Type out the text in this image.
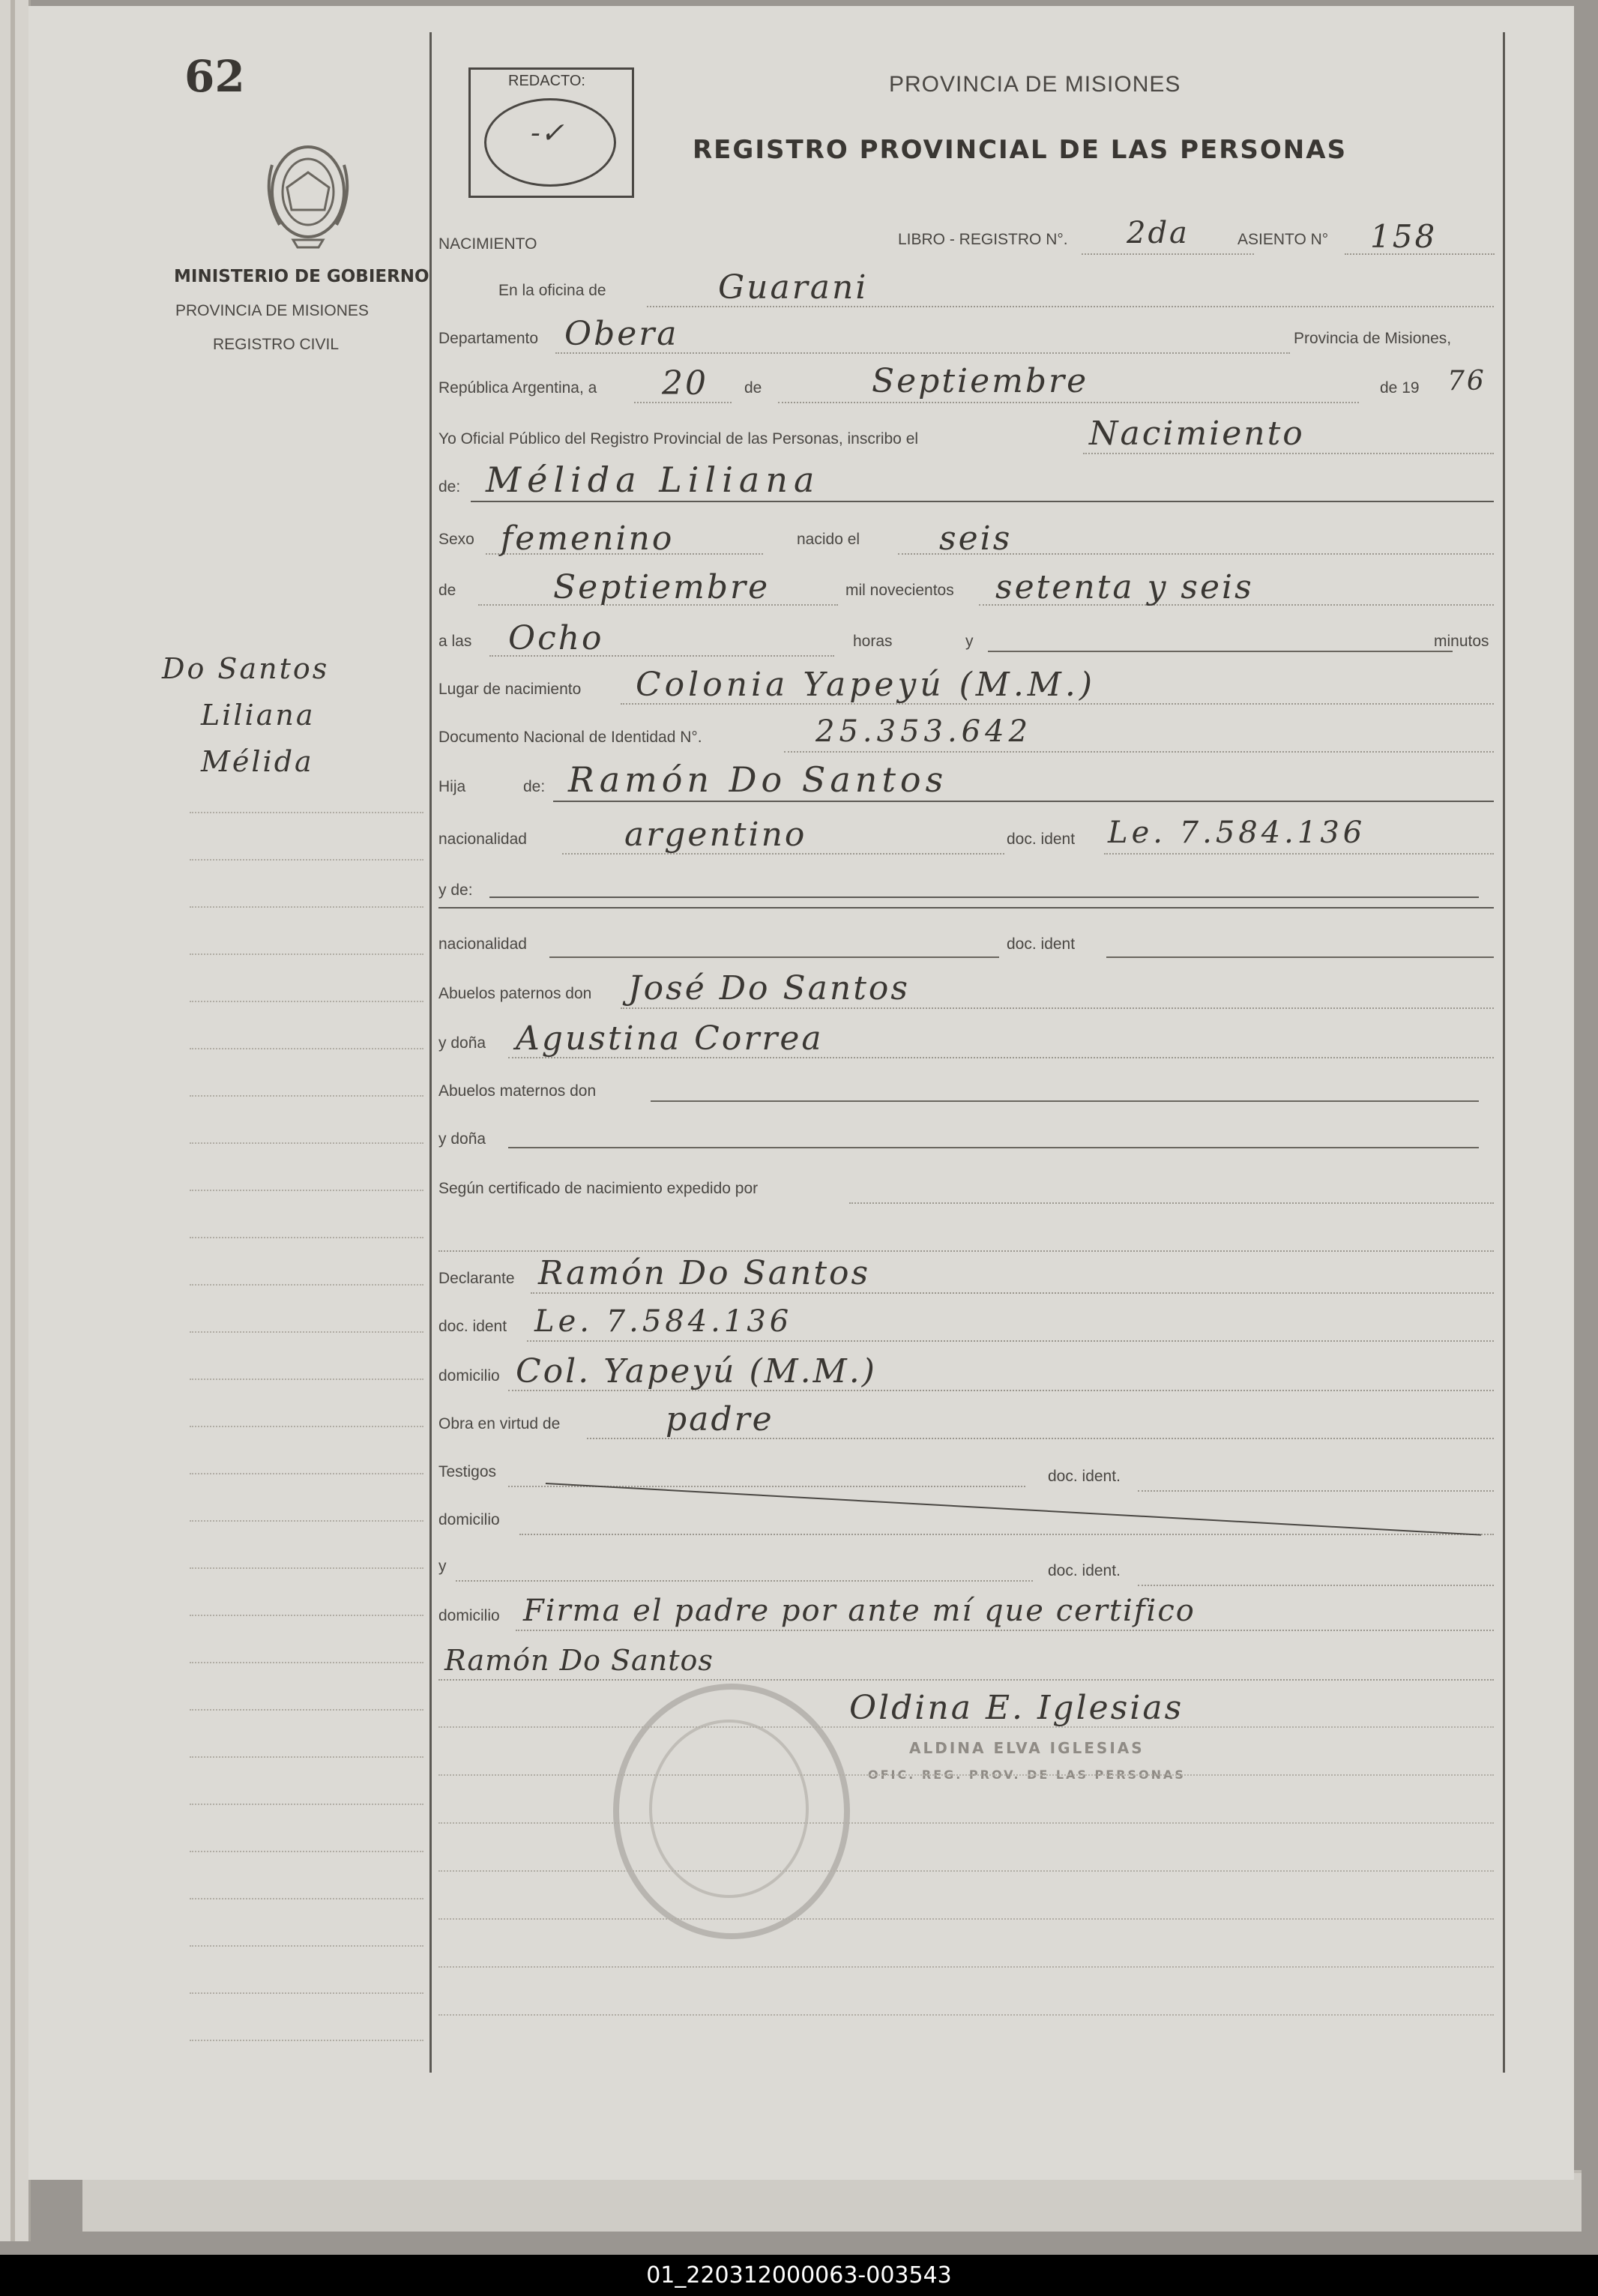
62
MINISTERIO DE GOBIERNO
PROVINCIA DE MISIONES
REGISTRO CIVIL
Do Santos
Liliana
Mélida
REDACTO:
-✓
PROVINCIA DE MISIONES
REGISTRO PROVINCIAL DE LAS PERSONAS
NACIMIENTO	LIBRO - REGISTRO N°. 2da	ASIENTO N° 158
En la oficina de	Guarani
Departamento Obera	Provincia de Misiones,
República Argentina, a 20 de	Septiembre	de 19 76
Yo Oficial Público del Registro Provincial de las Personas, inscribo el	Nacimiento
de: Mélida Liliana
Sexo femenino	nacido el seis
de	Septiembre	mil novecientos setenta y seis
a las Ocho	horas	y	minutos
Lugar de nacimiento Colonia Yapeyú (M.M.)
Documento Nacional de Identidad N°.	25.353.642
Hija	de: Ramón Do Santos
nacionalidad	argentino	doc. ident Le. 7.584.136
y de:
nacionalidad	doc. ident
Abuelos paternos don José Do Santos
y doña Agustina Correa
Abuelos maternos don
y doña
Según certificado de nacimiento expedido por
Declarante Ramón Do Santos
doc. ident Le. 7.584.136
domicilio Col. Yapeyú (M.M.)
Obra en virtud de	padre
Testigos	doc. ident.
domicilio
y	doc. ident.
domicilio Firma el padre por ante mí que certifico
Ramón Do Santos
Oldina E. Iglesias
ALDINA ELVA IGLESIAS
OFIC. REG. PROV. DE LAS PERSONAS
01_220312000063-003543
